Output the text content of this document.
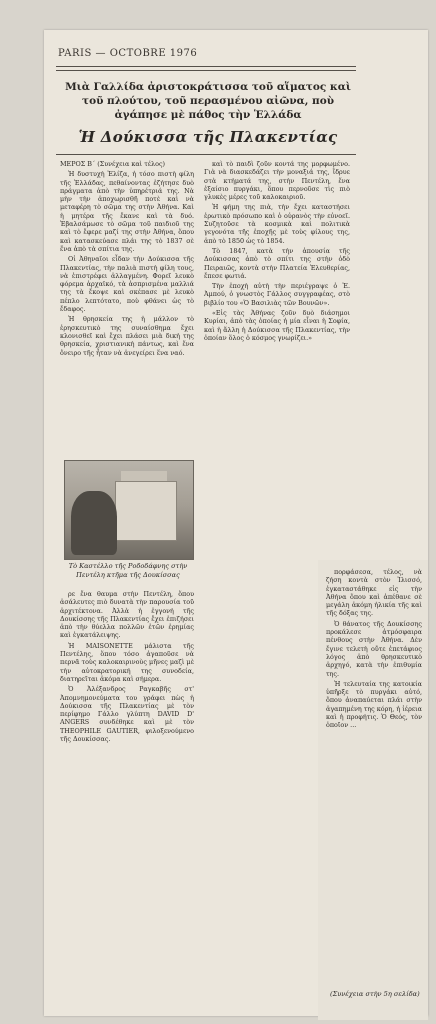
PARIS — OCTOBRE 1976
Μιὰ Γαλλίδα ἀριστοκράτισσα τοῦ αἵματος καὶ τοῦ πλούτου, τοῦ περασμένου αἰῶνα, ποὺ ἀγάπησε μὲ πάθος τὴν Ἑλλάδα
Ἡ Δούκισσα τῆς Πλακεντίας

ΜΕΡΟΣ Β´ (Συνέχεια καὶ τέλος)

Ἡ δυστυχὴ Ἐλίζα, ἡ τόσο πιστὴ φίλη τῆς Ἑλλάδας, πεθαίνοντας ἐζήτησε δυὸ πράγματα ἀπὸ τὴν ὑπηρέτριά της. Νὰ μὴν τὴν ἀποχωρισθῆ ποτὲ καὶ νὰ μεταφέρη τὸ σῶμα της στὴν Ἀθήνα. Καὶ ἡ μητέρα τῆς ἔκανε καὶ τὰ δυό. Ἐβαλσάμωσε τὸ σῶμα τοῦ παιδιοῦ της καὶ τὸ ἔφερε μαζί της στὴν Ἀθήνα, ὅπου καὶ κατασκεύασε πλάι της τὸ 1837 σὲ ἕνα ἀπὸ τὰ σπίτια της.

Οἱ Ἀθηναῖοι εἶδαν τὴν Δούκισσα τῆς Πλακεντίας, τὴν παλιὰ πιστὴ φίλη τους, νὰ ἐπιστρέφει ἀλλαγμένη. Φορεῖ λευκὸ φόρεμα ἀρχαϊκό, τὰ ἀσπρισμένα μαλλιά της τὰ ἔκοψε καὶ σκέπασε μὲ λευκὸ πέπλο λεπτότατο, ποὺ φθάνει ὡς τὸ ἔδαφος.

Ἡ θρησκεία της ἡ μάλλον τὸ ἐρησκευτικὸ της συναίσθημα ἔχει κλονισθεῖ καὶ ἔχει πλάσει μιὰ δική της θρησκεία, χριστιανικὴ πάντως, καὶ ἕνα ὄνειρο τῆς ἦταν νὰ ἀνεγείρει ἕνα ναό.

Τὸ Καστέλλο τῆς Ροδοδάφνης στὴν Πεντέλη κτῆμα τῆς Δουκίσσας

ρε ἕνα θαυμα στὴν Πεντέλη, ὅπου ἀσάλευτες πιὸ δυνατὰ τὴν παρουσία τοῦ ἀρχιτέκτονα. Ἀλλὰ ἡ ἐγγονή τῆς Δουκίσσης τῆς Πλακεντίας ἔχει ἐπιζήσει ἀπὸ τὴν θύελλα πολλῶν ἐτῶν ἐρημίας καὶ ἐγκατάλειψης.

Ἡ MAISONETTE μάλιστα τῆς Πεντέλης, ὅπου τόσο ἀγαποῦσε νὰ περνᾶ τοὺς καλοκαιρινοὺς μῆνες μαζὶ μὲ τὴν αὐτοκρατορική της συνοδεία, διατηρεῖται ἀκόμα καὶ σήμερα.

Ὁ Ἀλέξανδρος Ραγκαβῆς στ' Ἀπομνημονεύματα του γράφει πὼς ἡ Δούκισσα τῆς Πλακεντίας μὲ τὸν περίφημο Γάλλο γλύπτη DAVID D' ANGERS συνδέθηκε καὶ μὲ τὸν THEOPHILE GAUTIER, φιλοξενούμενο τῆς Δουκίσσας.

καὶ τὸ παιδὶ ζοῦν κοντά της μορφωμένο. Γιὰ νὰ διασκεδάζει τὴν μοναξιά της, ἵδρυε στὰ κτήματά της, στὴν Πεντέλη, ἕνα ἐξαίσιο πυργάκι, ὅπου περνοῦσε τὶς πιὸ γλυκὲς μέρες τοῦ καλοκαιριοῦ.

Ἡ φήμη της πιὰ, τὴν ἔχει καταστήσει ἐρωτικὸ πρόσωπο καὶ ὁ οὐρανὸς τὴν εὐνοεῖ. Συζητοῦσε τὰ κοσμικὰ καὶ πολιτικὰ γεγονότα τῆς ἐποχῆς μὲ τοὺς φίλους της, ἀπὸ τὸ 1850 ὡς τὸ 1854.

Τὸ 1847, κατὰ τὴν ἀπουσία τῆς Δούκισσας ἀπὸ τὸ σπίτι της στὴν ὁδὸ Πειραιῶς, κοντὰ στὴν Πλατεία Ἐλευθερίας, ἔπεσε φωτιά.

Τὴν ἐποχὴ αὐτὴ τὴν περιέγραψε ὁ Ἐ. Ἀμπού, ὁ γνωστὸς Γάλλος συγγραφέας, στὸ βιβλίο του «Ὁ Βασιλιὰς τῶν Βουνῶν».

«Εἰς τὰς Ἀθήνας ζοῦν δυὸ διάσημοι Κυρίαι, ἀπὸ τὰς ὁποίας ἡ μία εἶναι ἡ Σοφία, καὶ ἡ ἄλλη ἡ Δούκισσα τῆς Πλακεντίας, τὴν ὁποίαν ὅλος ὁ κόσμος γνωρίζει.»

πορφάσεσα, τέλος, νὰ ζήση κοντὰ στὸν Ἰλισσό, ἐγκαταστάθηκε εἰς τὴν Ἀθήνα ὅπου καὶ ἀπέθανε σὲ μεγάλη ἀκόμη ἡλικία τῆς καὶ τῆς δόξας της.

Ὁ θάνατος τῆς Δουκίσσης προκάλεσε ἀτμόσφαιρα πένθους στὴν Ἀθήνα. Δὲν ἔγινε τελετὴ οὔτε ἐπετάφιος λόγος ἀπὸ θρησκευτικὸ ἀρχηγό, κατὰ τὴν ἐπιθυμία της.

Ἡ τελευταία της κατοικία ὑπῆρξε τὸ πυργάκι αὐτό, ὅπου ἀναπαύεται πλάι στὴν ἀγαπημένη της κόρη, ἡ ἱέρεια καὶ ἡ προφήτις. Ὁ Θεός, τὸν ὁποῖον ...

(Συνέχεια στὴν 5η σελίδα)
